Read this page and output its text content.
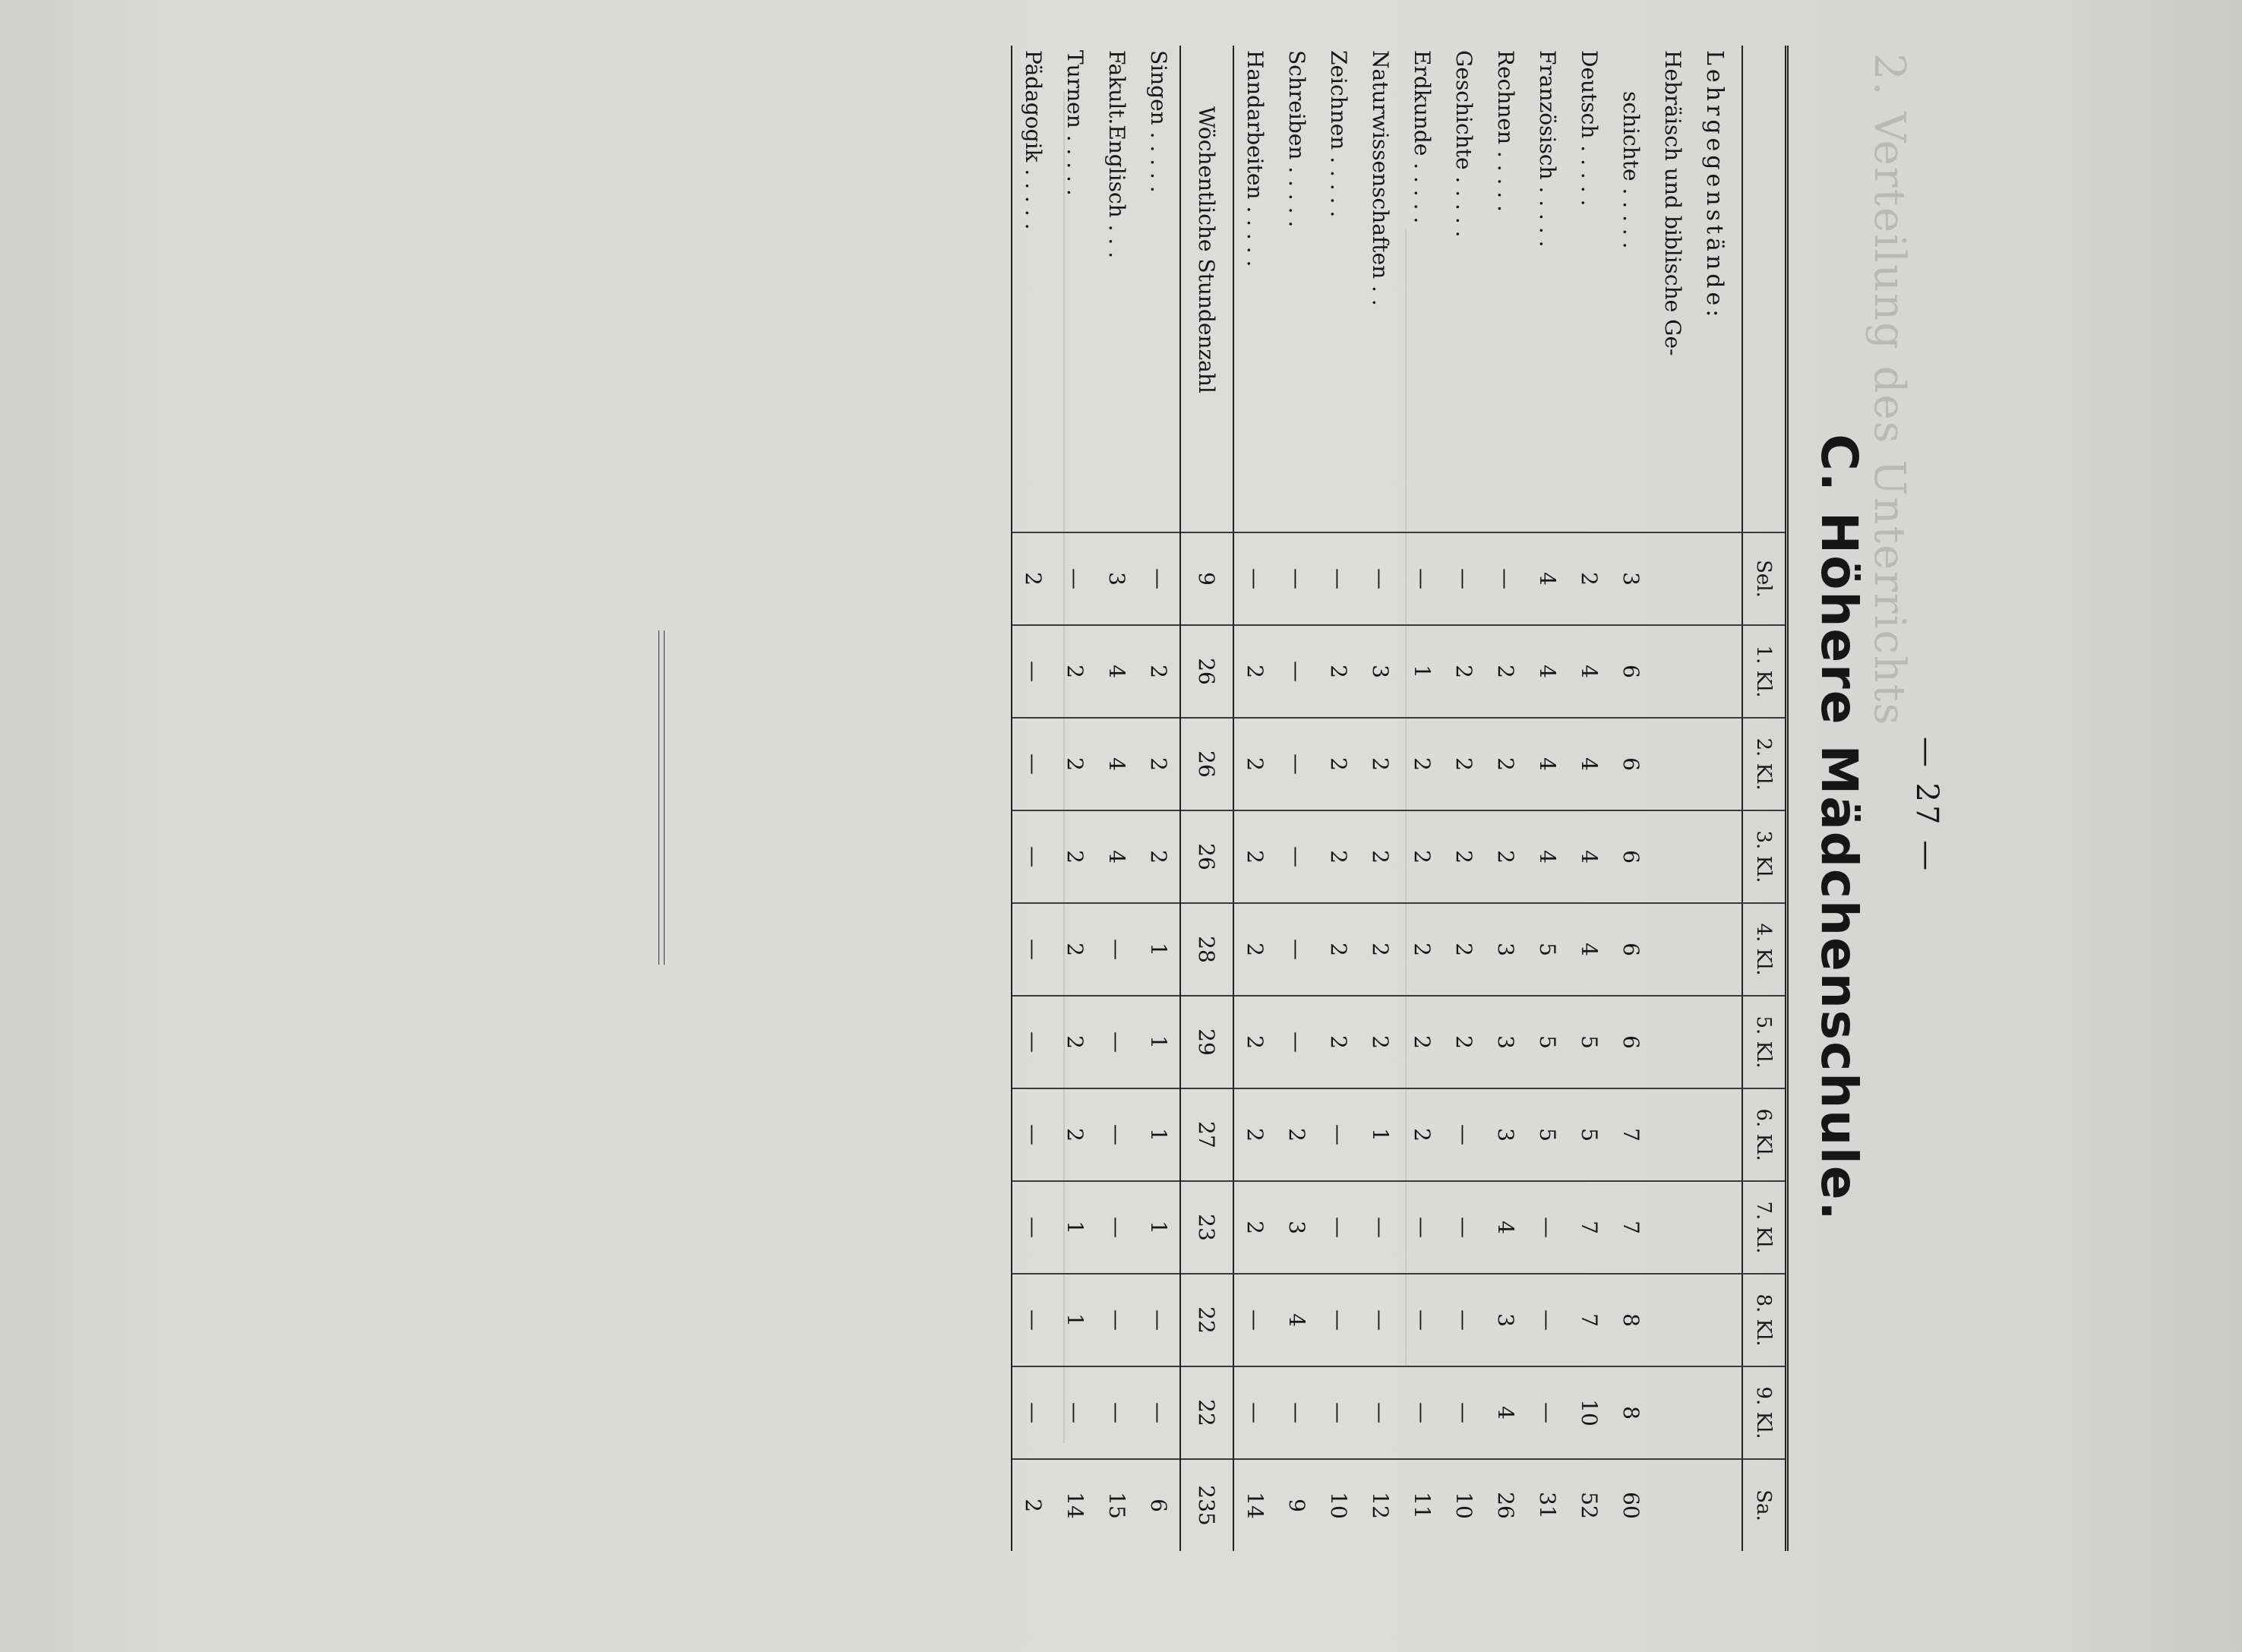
2. Verteilung des Unterrichts
— 27 —
C. Höhere Mädchenschule.
	Sel.	1. Kl.	2. Kl.	3. Kl.	4. Kl.	5. Kl.	6. Kl.	7. Kl.	8. Kl.	9. Kl.	Sa.
Lehrgegenstände:											
Hebräisch und biblische Ge-											
schichte . . . . .	3	6	6	6	6	6	7	7	8	8	60
Deutsch . . . . .	2	4	4	4	4	5	5	7	7	10	52
Französisch . . . . .	4	4	4	4	5	5	5	—	—	—	31
Rechnen . . . . .	—	2	2	2	3	3	3	4	3	4	26
Geschichte . . . . .	—	2	2	2	2	2	—	—	—	—	10
Erdkunde . . . . .	—	1	2	2	2	2	2	—	—	—	11
Naturwissenschaften . .	—	3	2	2	2	2	1	—	—	—	12
Zeichnen . . . . .	—	2	2	2	2	2	—	—	—	—	10
Schreiben . . . . .	—	—	—	—	—	—	2	3	4	—	9
Handarbeiten . . . . .	—	2	2	2	2	2	2	2	—	—	14
Wöchentliche Stundenzahl	9	26	26	26	28	29	27	23	22	22	235
Singen . . . . .	—	2	2	2	1	1	1	1	—	—	6
Fakult.Englisch . . .	3	4	4	4	—	—	—	—	—	—	15
Turnen . . . . .	—	2	2	2	2	2	2	1	1	—	14
Pädagogik . . . . .	2	—	—	—	—	—	—	—	—	—	2
